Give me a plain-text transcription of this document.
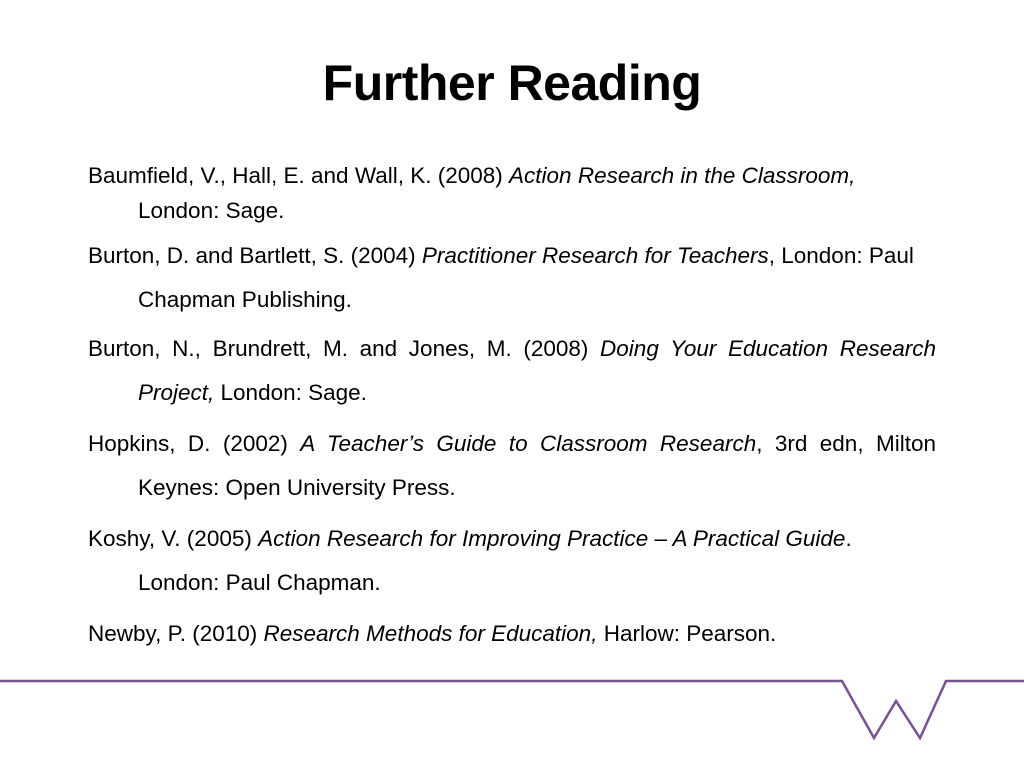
Further Reading

Baumfield, V., Hall, E. and Wall, K. (2008) Action Research in the Classroom, London: Sage.

Burton, D. and Bartlett, S. (2004) Practitioner Research for Teachers, London: Paul Chapman Publishing.

Burton, N., Brundrett, M. and Jones, M. (2008) Doing Your Education Research Project, London: Sage.

Hopkins, D. (2002) A Teacher’s Guide to Classroom Research, 3rd edn, Milton Keynes: Open University Press.

Koshy, V. (2005) Action Research for Improving Practice – A Practical Guide. London: Paul Chapman.

Newby, P. (2010) Research Methods for Education, Harlow: Pearson.
